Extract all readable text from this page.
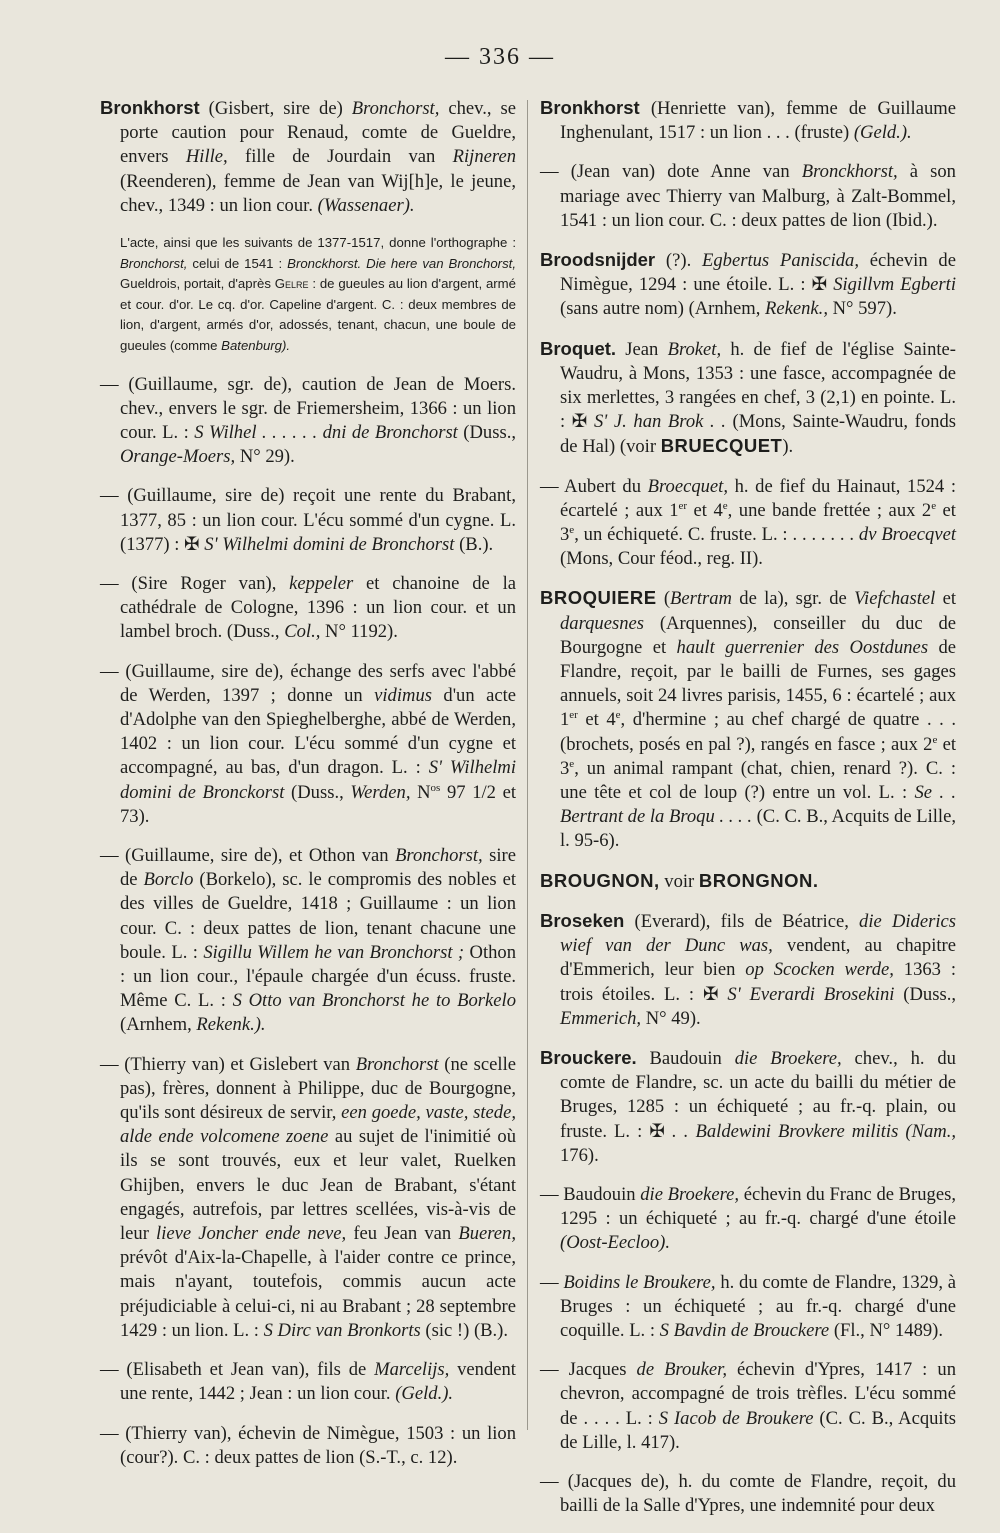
— 336 —

Bronkhorst (Gisbert, sire de) Bronchorst, chev., se porte caution pour Renaud, comte de Gueldre, envers Hille, fille de Jourdain van Rijneren (Reenderen), femme de Jean van Wij[h]e, le jeune, chev., 1349 : un lion cour. (Wassenaer).

L'acte, ainsi que les suivants de 1377-1517, donne l'orthographe : Bronchorst, celui de 1541 : Bronckhorst. Die here van Bronchorst, Gueldrois, portait, d'après Gelre : de gueules au lion d'argent, armé et cour. d'or. Le cq. d'or. Capeline d'argent. C. : deux membres de lion, d'argent, armés d'or, adossés, tenant, chacun, une boule de gueules (comme Batenburg).

— (Guillaume, sgr. de), caution de Jean de Moers. chev., envers le sgr. de Friemersheim, 1366 : un lion cour. L. : S Wilhel . . . . . . dni de Bronchorst (Duss., Orange-Moers, N° 29).

— (Guillaume, sire de) reçoit une rente du Brabant, 1377, 85 : un lion cour. L'écu sommé d'un cygne. L. (1377) : ✠ S' Wilhelmi domini de Bronchorst (B.).

— (Sire Roger van), keppeler et chanoine de la cathédrale de Cologne, 1396 : un lion cour. et un lambel broch. (Duss., Col., N° 1192).

— (Guillaume, sire de), échange des serfs avec l'abbé de Werden, 1397 ; donne un vidimus d'un acte d'Adolphe van den Spieghelberghe, abbé de Werden, 1402 : un lion cour. L'écu sommé d'un cygne et accompagné, au bas, d'un dragon. L. : S' Wilhelmi domini de Bronckorst (Duss., Werden, $N^{os}$ 97 1/2 et 73).

— (Guillaume, sire de), et Othon van Bronchorst, sire de Borclo (Borkelo), sc. le compromis des nobles et des villes de Gueldre, 1418 ; Guillaume : un lion cour. C. : deux pattes de lion, tenant chacune une boule. L. : Sigillu Willem he van Bronchorst ; Othon : un lion cour., l'épaule chargée d'un écuss. fruste. Même C. L. : S Otto van Bronchorst he to Borkelo (Arnhem, Rekenk.).

— (Thierry van) et Gislebert van Bronchorst (ne scelle pas), frères, donnent à Philippe, duc de Bourgogne, qu'ils sont désireux de servir, een goede, vaste, stede, alde ende volcomene zoene au sujet de l'inimitié où ils se sont trouvés, eux et leur valet, Ruelken Ghijben, envers le duc Jean de Brabant, s'étant engagés, autrefois, par lettres scellées, vis-à-vis de leur lieve Joncher ende neve, feu Jean van Bueren, prévôt d'Aix-la-Chapelle, à l'aider contre ce prince, mais n'ayant, toutefois, commis aucun acte préjudiciable à celui-ci, ni au Brabant ; 28 septembre 1429 : un lion. L. : S Dirc van Bronkorts (sic !) (B.).

— (Elisabeth et Jean van), fils de Marcelijs, vendent une rente, 1442 ; Jean : un lion cour. (Geld.).

— (Thierry van), échevin de Nimègue, 1503 : un lion (cour?). C. : deux pattes de lion (S.-T., c. 12).

Bronkhorst (Henriette van), femme de Guillaume Inghenulant, 1517 : un lion . . . (fruste) (Geld.).

— (Jean van) dote Anne van Bronckhorst, à son mariage avec Thierry van Malburg, à Zalt-Bommel, 1541 : un lion cour. C. : deux pattes de lion (Ibid.).

Broodsnijder (?). Egbertus Paniscida, échevin de Nimègue, 1294 : une étoile. L. : ✠ Sigillvm Egberti (sans autre nom) (Arnhem, Rekenk., N° 597).

Broquet. Jean Broket, h. de fief de l'église Sainte-Waudru, à Mons, 1353 : une fasce, accompagnée de six merlettes, 3 rangées en chef, 3 (2,1) en pointe. L. : ✠ S' J. han Brok . . (Mons, Sainte-Waudru, fonds de Hal) (voir BRUECQUET).

— Aubert du Broecquet, h. de fief du Hainaut, 1524 : écartelé ; aux 1er et 4e, une bande frettée ; aux 2e et 3e, un échiqueté. C. fruste. L. : . . . . . . . dv Broecqvet (Mons, Cour féod., reg. II).

BROQUIERE (Bertram de la), sgr. de Viefchastel et darquesnes (Arquennes), conseiller du duc de Bourgogne et hault guerrenier des Oostdunes de Flandre, reçoit, par le bailli de Furnes, ses gages annuels, soit 24 livres parisis, 1455, 6 : écartelé ; aux 1er et 4e, d'hermine ; au chef chargé de quatre . . . (brochets, posés en pal ?), rangés en fasce ; aux 2e et 3e, un animal rampant (chat, chien, renard ?). C. : une tête et col de loup (?) entre un vol. L. : Se . . Bertrant de la Broqu . . . . (C. C. B., Acquits de Lille, l. 95-6).

BROUGNON, voir BRONGNON.

Broseken (Everard), fils de Béatrice, die Diderics wief van der Dunc was, vendent, au chapitre d'Emmerich, leur bien op Scocken werde, 1363 : trois étoiles. L. : ✠ S' Everardi Brosekini (Duss., Emmerich, N° 49).

Brouckere. Baudouin die Broekere, chev., h. du comte de Flandre, sc. un acte du bailli du métier de Bruges, 1285 : un échiqueté ; au fr.-q. plain, ou fruste. L. : ✠ . . Baldewini Brovkere militis (Nam., 176).

— Baudouin die Broekere, échevin du Franc de Bruges, 1295 : un échiqueté ; au fr.-q. chargé d'une étoile (Oost-Eecloo).

— Boidins le Broukere, h. du comte de Flandre, 1329, à Bruges : un échiqueté ; au fr.-q. chargé d'une coquille. L. : S Bavdin de Brouckere (Fl., N° 1489).

— Jacques de Brouker, échevin d'Ypres, 1417 : un chevron, accompagné de trois trèfles. L'écu sommé de . . . . L. : S Iacob de Broukere (C. C. B., Acquits de Lille, l. 417).

— (Jacques de), h. du comte de Flandre, reçoit, du bailli de la Salle d'Ypres, une indemnité pour deux
